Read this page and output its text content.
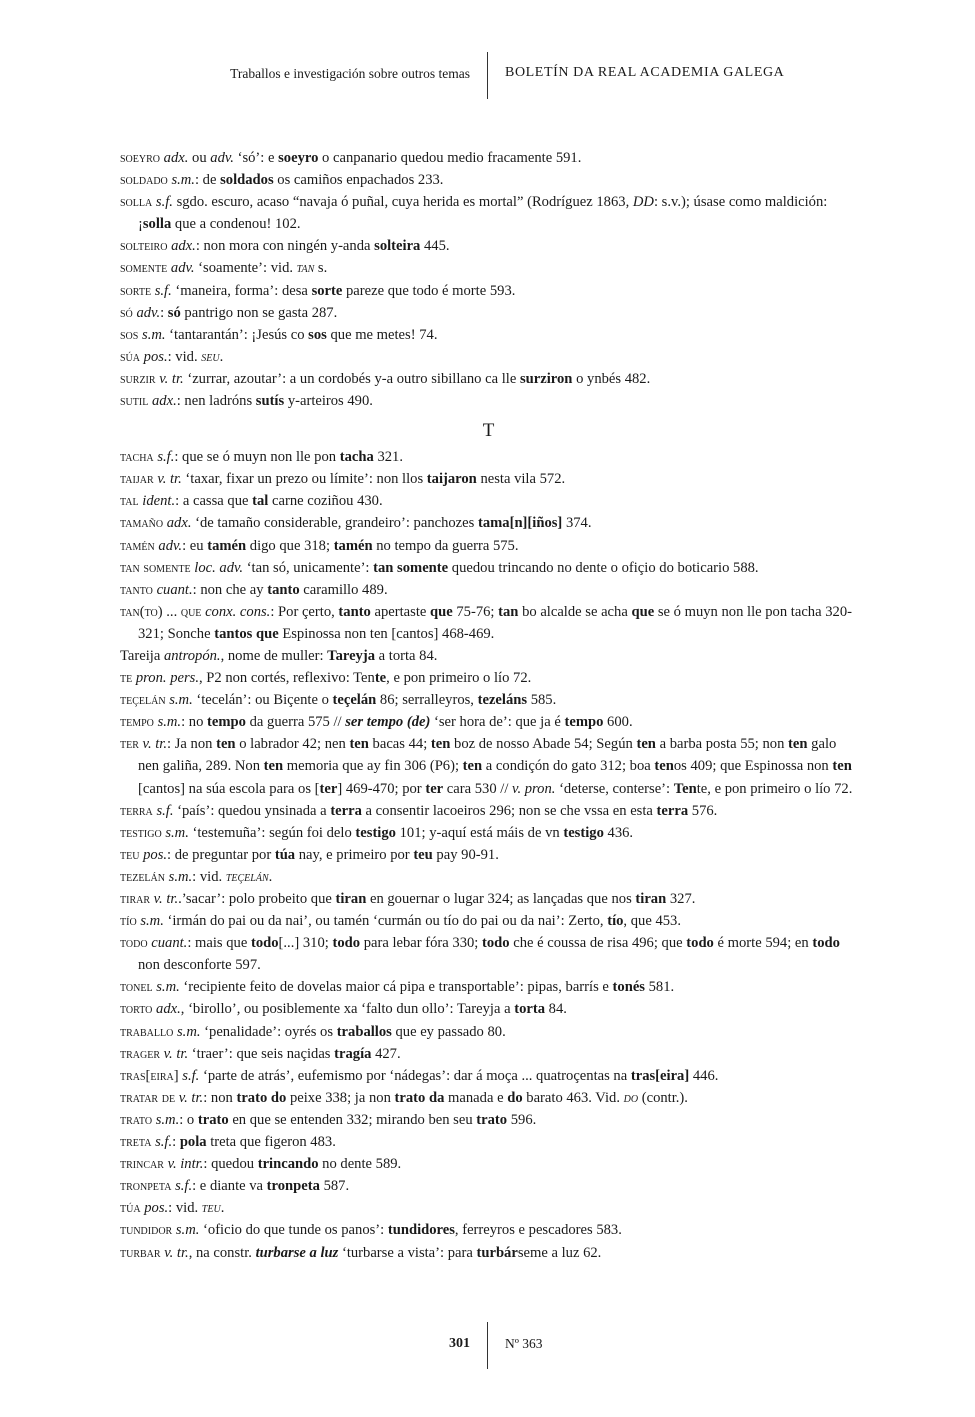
Traballos e investigación sobre outros temas	BOLETÍN DA REAL ACADEMIA GALEGA

soeyro adx. ou adv. ‘só’: e soeyro o canpanario quedou medio fracamente 591.

soldado s.m.: de soldados os camiños enpachados 233.

solla s.f. sgdo. escuro, acaso “navaja ó puñal, cuya herida es mortal” (Rodríguez 1863, DD: s.v.); úsase como maldición: ¡solla que a condenou! 102.

solteiro adx.: non mora con ningén y-anda solteira 445.

somente adv. ‘soamente’: vid. tan s.

sorte s.f. ‘maneira, forma’: desa sorte pareze que todo é morte 593.

só adv.: só pantrigo non se gasta 287.

sos s.m. ‘tantarantán’: ¡Jesús co sos que me metes! 74.

súa pos.: vid. seu.

surzir v. tr. ‘zurrar, azoutar’: a un cordobés y-a outro sibillano ca lle surziron o ynbés 482.

sutil adx.: nen ladróns sutís y-arteiros 490.

T

tacha s.f.: que se ó muyn non lle pon tacha 321.

taijar v. tr. ‘taxar, fixar un prezo ou límite’: non llos taijaron nesta vila 572.

tal ident.: a cassa que tal carne coziñou 430.

tamaño adx. ‘de tamaño considerable, grandeiro’: panchozes tama[n][iños] 374.

tamén adv.: eu tamén digo que 318; tamén no tempo da guerra 575.

tan somente loc. adv. ‘tan só, unicamente’: tan somente quedou trincando no dente o ofiçio do boticario 588.

tanto cuant.: non che ay tanto caramillo 489.

tan(to) ... que conx. cons.: Por çerto, tanto apertaste que 75-76; tan bo alcalde se acha que se ó muyn non lle pon tacha 320-321; Sonche tantos que Espinossa non ten [cantos] 468-469.

Tareija antropón., nome de muller: Tareyja a torta 84.

te pron. pers., P2 non cortés, reflexivo: Tente, e pon primeiro o lío 72.

teçelán s.m. ‘tecelán’: ou Biçente o teçelán 86; serralleyros, tezeláns 585.

tempo s.m.: no tempo da guerra 575 // ser tempo (de) ‘ser hora de’: que ja é tempo 600.

ter v. tr.: Ja non ten o labrador 42; nen ten bacas 44; ten boz de nosso Abade 54; Según ten a barba posta 55; non ten galo nen galiña, 289. Non ten memoria que ay fin 306 (P6); ten a condiçón do gato 312; boa tenos 409; que Espinossa non ten [cantos] na súa escola para os [ter] 469-470; por ter cara 530 // v. pron. ‘deterse, conterse’: Tente, e pon primeiro o lío 72.

terra s.f. ‘país’: quedou ynsinada a terra a consentir lacoeiros 296; non se che vssa en esta terra 576.

testigo s.m. ‘testemuña’: según foi delo testigo 101; y-aquí está máis de vn testigo 436.

teu pos.: de preguntar por túa nay, e primeiro por teu pay 90-91.

tezelán s.m.: vid. teçelán.

tirar v. tr..’sacar’: polo probeito que tiran en gouernar o lugar 324; as lançadas que nos tiran 327.

tío s.m. ‘irmán do pai ou da nai’, ou tamén ‘curmán ou tío do pai ou da nai’: Zerto, tío, que 453.

todo cuant.: mais que todo[...] 310; todo para lebar fóra 330; todo che é coussa de risa 496; que todo é morte 594; en todo non desconforte 597.

tonel s.m. ‘recipiente feito de dovelas maior cá pipa e transportable’: pipas, barrís e tonés 581.

torto adx., ‘birollo’, ou posiblemente xa ‘falto dun ollo’: Tareyja a torta 84.

traballo s.m. ‘penalidade’: oyrés os traballos que ey passado 80.

trager v. tr. ‘traer’: que seis naçidas tragía 427.

tras[eira] s.f. ‘parte de atrás’, eufemismo por ‘nádegas’: dar á moça ... quatroçentas na tras[eira] 446.

tratar de v. tr.: non trato do peixe 338; ja non trato da manada e do barato 463. Vid. do (contr.).

trato s.m.: o trato en que se entenden 332; mirando ben seu trato 596.

treta s.f.: pola treta que figeron 483.

trincar v. intr.: quedou trincando no dente 589.

tronpeta s.f.: e diante va tronpeta 587.

túa pos.: vid. teu.

tundidor s.m. ‘oficio do que tunde os panos’: tundidores, ferreyros e pescadores 583.

turbar v. tr., na constr. turbarse a luz ‘turbarse a vista’: para turbárseme a luz 62.

301	Nº 363
